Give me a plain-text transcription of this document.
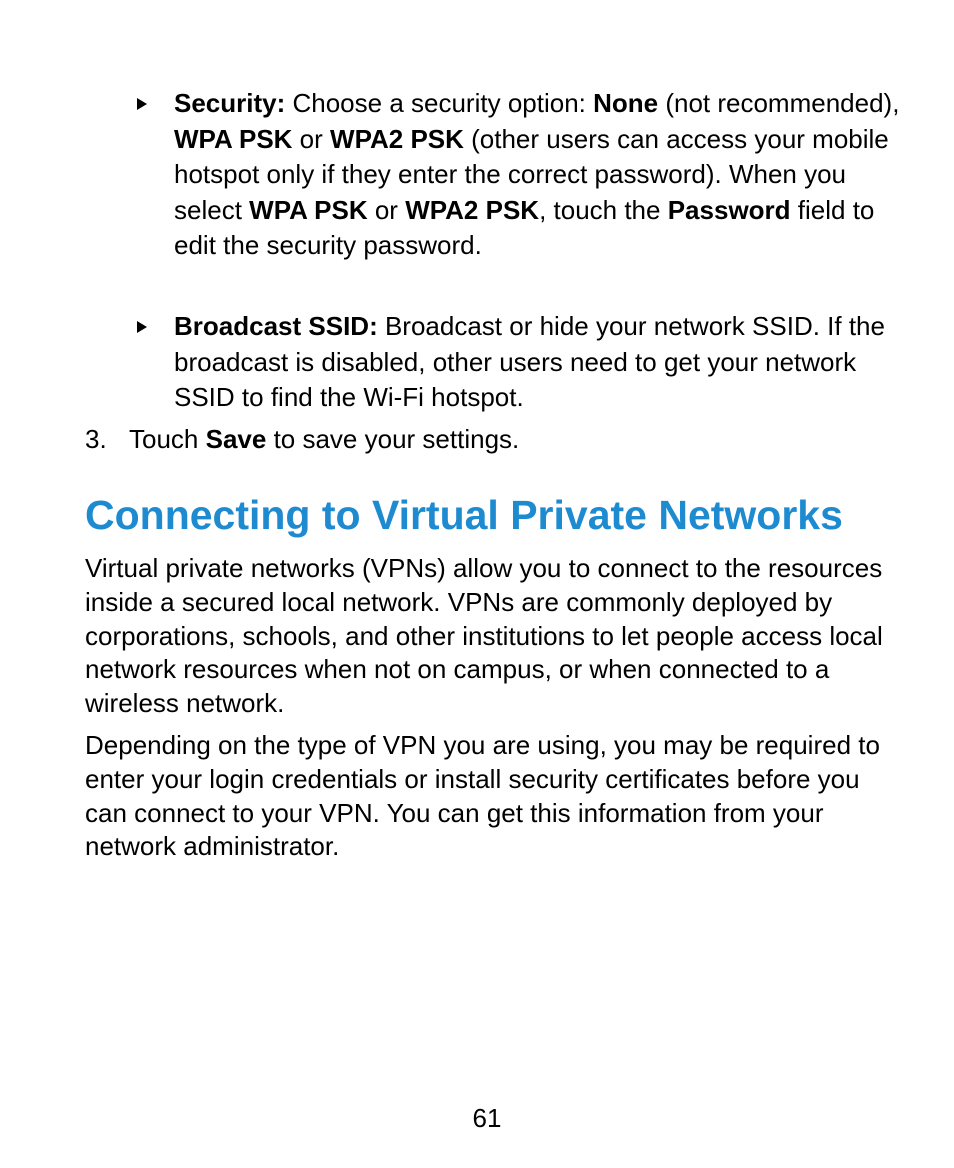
Security: Choose a security option: None (not recommended), WPA PSK or WPA2 PSK (other users can access your mobile hotspot only if they enter the correct password). When you select WPA PSK or WPA2 PSK, touch the Password field to edit the security password.

Broadcast SSID: Broadcast or hide your network SSID. If the broadcast is disabled, other users need to get your network SSID to find the Wi-Fi hotspot.

3. Touch Save to save your settings.

Connecting to Virtual Private Networks

Virtual private networks (VPNs) allow you to connect to the resources inside a secured local network. VPNs are commonly deployed by corporations, schools, and other institutions to let people access local network resources when not on campus, or when connected to a wireless network.

Depending on the type of VPN you are using, you may be required to enter your login credentials or install security certificates before you can connect to your VPN. You can get this information from your network administrator.

61
